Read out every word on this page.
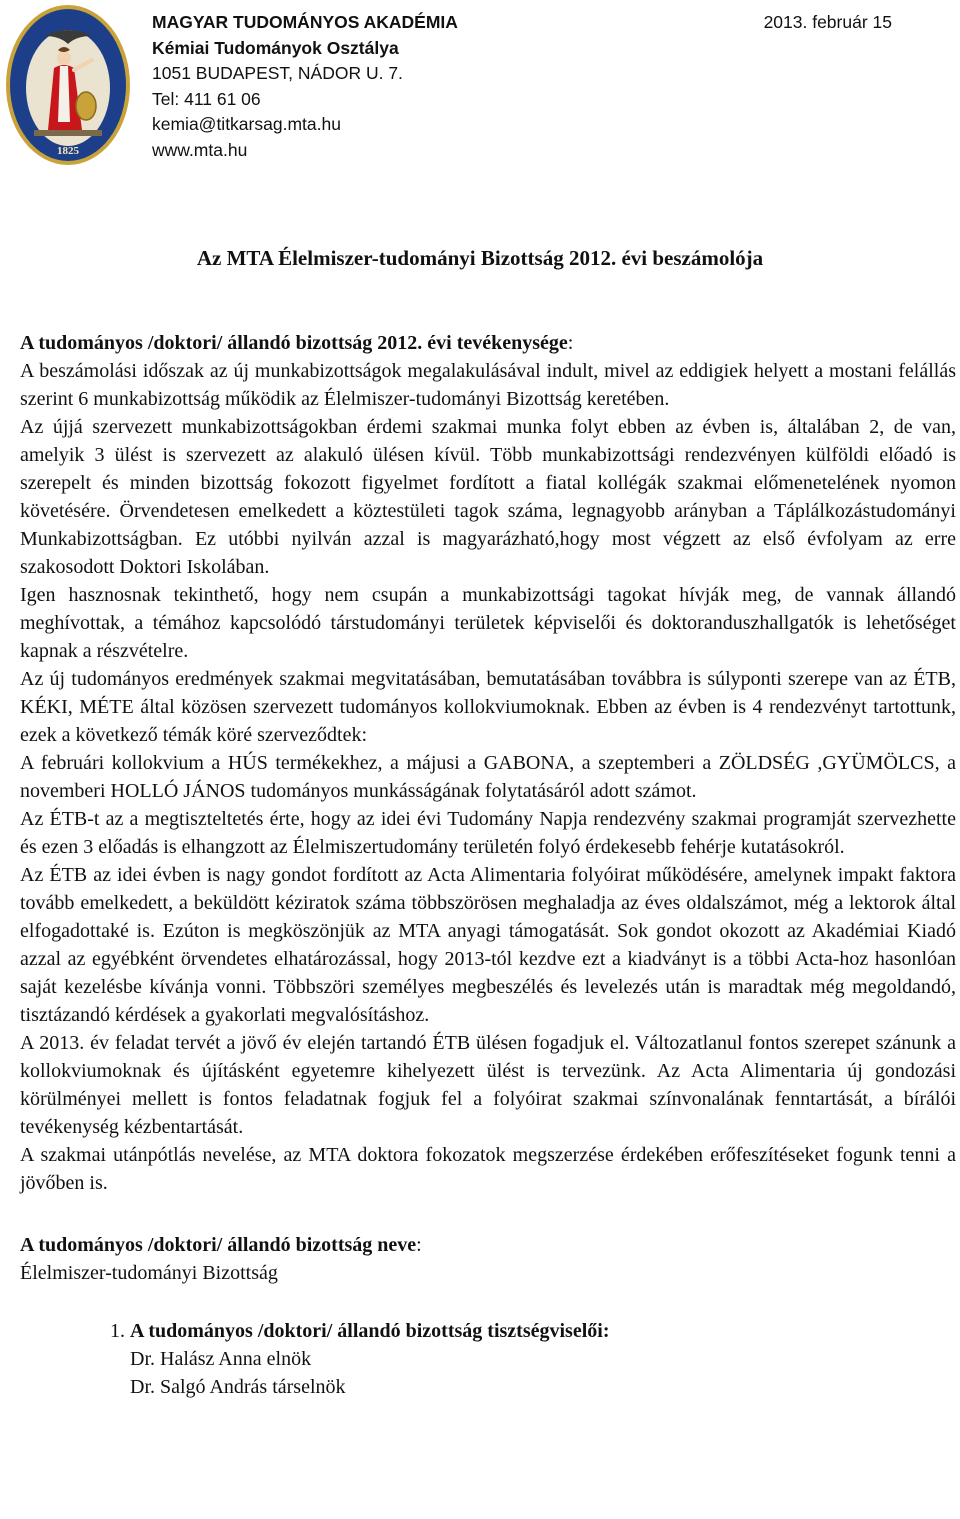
1825
MAGYAR TUDOMÁNYOS AKADÉMIA
Kémiai Tudományok Osztálya
1051 BUDAPEST, NÁDOR U. 7.
Tel: 411 61 06
kemia@titkarsag.mta.hu
www.mta.hu
2013. február 15
Az MTA Élelmiszer-tudományi Bizottság 2012. évi beszámolója

A tudományos /doktori/ állandó bizottság 2012. évi tevékenysége:

A beszámolási időszak az új munkabizottságok megalakulásával indult, mivel az eddigiek helyett a mostani felállás szerint 6 munkabizottság működik az Élelmiszer-tudományi Bizottság keretében.

Az újjá szervezett munkabizottságokban érdemi szakmai munka folyt ebben az évben is, általában 2, de van, amelyik 3 ülést is szervezett az alakuló ülésen kívül. Több munkabizottsági rendezvényen külföldi előadó is szerepelt és minden bizottság fokozott figyelmet fordított a fiatal kollégák szakmai előmenetelének nyomon követésére. Örvendetesen emelkedett a köztestületi tagok száma, legnagyobb arányban a Táplálkozástudományi Munkabizottságban. Ez utóbbi nyilván azzal is magyarázható,hogy most végzett az első évfolyam az erre szakosodott Doktori Iskolában.

Igen hasznosnak tekinthető, hogy nem csupán a munkabizottsági tagokat hívják meg, de vannak állandó meghívottak, a témához kapcsolódó társtudományi területek képviselői és doktoranduszhallgatók is lehetőséget kapnak a részvételre.

Az új tudományos eredmények szakmai megvitatásában, bemutatásában továbbra is súlyponti szerepe van az ÉTB, KÉKI, MÉTE által közösen szervezett tudományos kollokviumoknak. Ebben az évben is 4 rendezvényt tartottunk, ezek a következő témák köré szerveződtek:

A februári kollokvium a HÚS termékekhez, a májusi a GABONA, a szeptemberi a ZÖLDSÉG ,GYÜMÖLCS, a novemberi HOLLÓ JÁNOS tudományos munkásságának folytatásáról adott számot.

Az ÉTB-t az a megtiszteltetés érte, hogy az idei évi Tudomány Napja rendezvény szakmai programját szervezhette és ezen 3 előadás is elhangzott az Élelmiszertudomány területén folyó érdekesebb fehérje kutatásokról.

Az ÉTB az idei évben is nagy gondot fordított az Acta Alimentaria folyóirat működésére, amelynek impakt faktora tovább emelkedett, a beküldött kéziratok száma többszörösen meghaladja az éves oldalszámot, még a lektorok által elfogadottaké is. Ezúton is megköszönjük az MTA anyagi támogatását. Sok gondot okozott az Akadémiai Kiadó azzal az egyébként örvendetes elhatározással, hogy 2013-tól kezdve ezt a kiadványt is a többi Acta-hoz hasonlóan saját kezelésbe kívánja vonni. Többszöri személyes megbeszélés és levelezés után is maradtak még megoldandó, tisztázandó kérdések a gyakorlati megvalósításhoz.

A 2013. év feladat tervét a jövő év elején tartandó ÉTB ülésen fogadjuk el. Változatlanul fontos szerepet szánunk a kollokviumoknak és újításként egyetemre kihelyezett ülést is tervezünk. Az Acta Alimentaria új gondozási körülményei mellett is fontos feladatnak fogjuk fel a folyóirat szakmai színvonalának fenntartását, a bírálói tevékenység kézbentartását.

A szakmai utánpótlás nevelése, az MTA doktora fokozatok megszerzése érdekében erőfeszítéseket fogunk tenni a jövőben is.

A tudományos /doktori/ állandó bizottság neve:

Élelmiszer-tudományi Bizottság

1. A tudományos /doktori/ állandó bizottság tisztségviselői:
Dr. Halász Anna elnök
Dr. Salgó András társelnök
